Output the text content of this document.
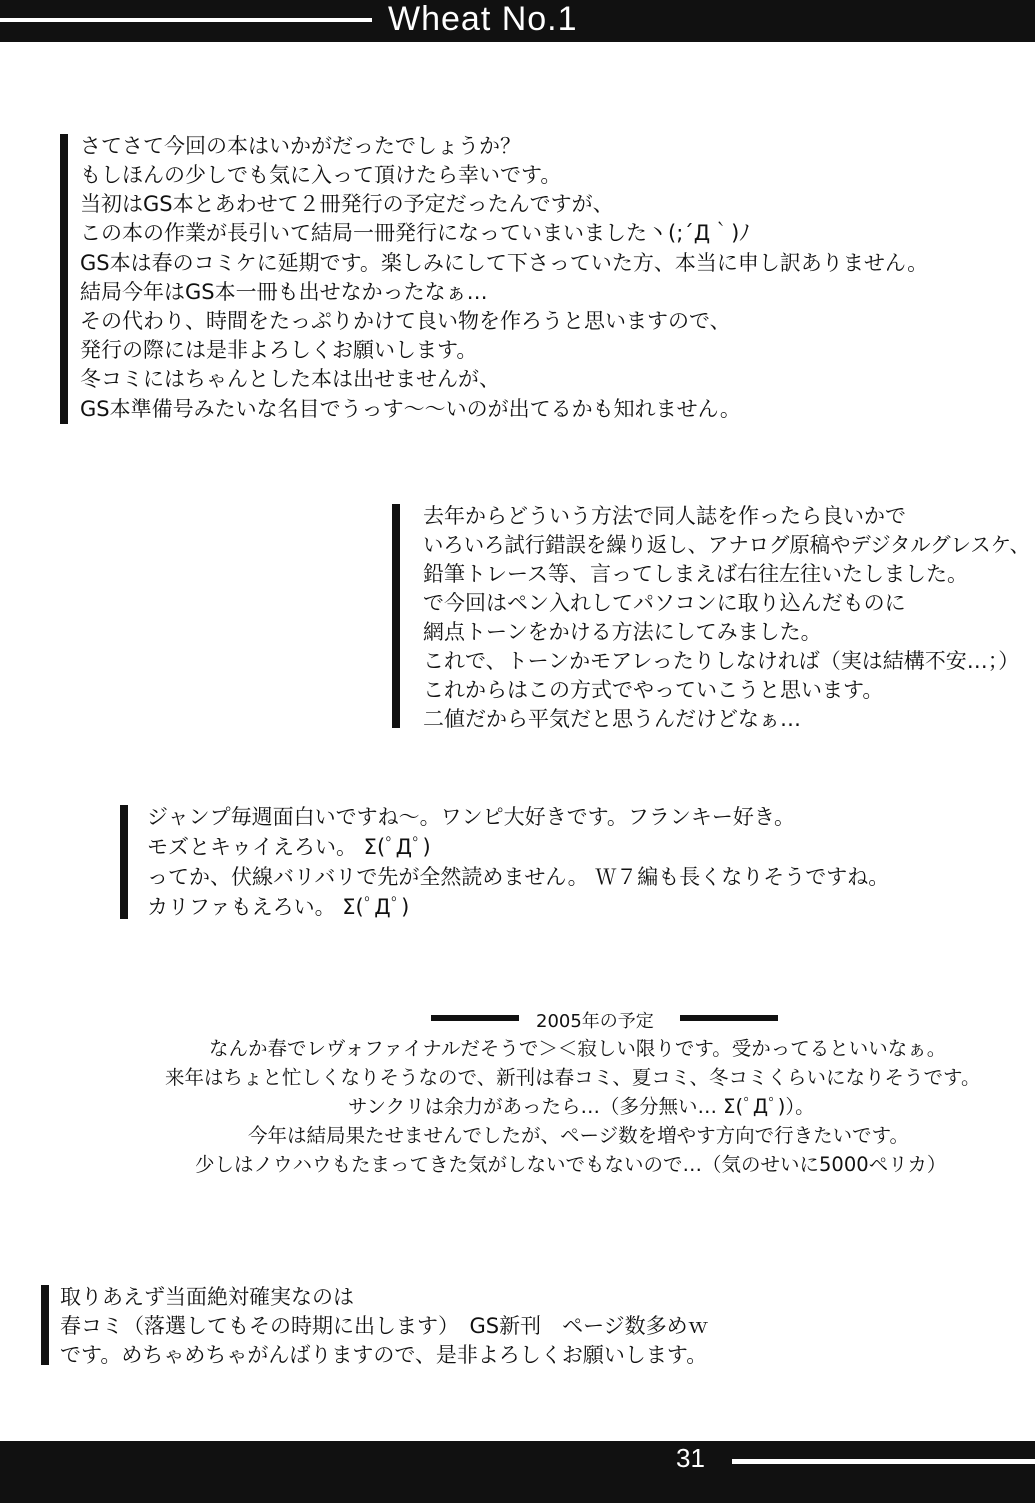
Wheat No.1
さてさて今回の本はいかがだったでしょうか？
もしほんの少しでも気に入って頂けたら幸いです。
当初はGS本とあわせて２冊発行の予定だったんですが、
この本の作業が長引いて結局一冊発行になっていまいました丶(;´Д｀)ﾉ
GS本は春のコミケに延期です。楽しみにして下さっていた方、本当に申し訳ありません。
結局今年はGS本一冊も出せなかったなぁ…
その代わり、時間をたっぷりかけて良い物を作ろうと思いますので、
発行の際には是非よろしくお願いします。
冬コミにはちゃんとした本は出せませんが、
GS本準備号みたいな名目でうっす〜〜いのが出てるかも知れません。
去年からどういう方法で同人誌を作ったら良いかで
いろいろ試行錯誤を繰り返し、アナログ原稿やデジタルグレスケ、
鉛筆トレース等、言ってしまえば右往左往いたしました。
で今回はペン入れしてパソコンに取り込んだものに
網点トーンをかける方法にしてみました。
これで、トーンかモアレったりしなければ（実は結構不安…；）
これからはこの方式でやっていこうと思います。
二値だから平気だと思うんだけどなぁ…
ジャンプ毎週面白いですね〜。ワンピ大好きです。フランキー好き。
モズとキゥイえろい。 Σ(ﾟДﾟ)
ってか、伏線バリバリで先が全然読めません。 Ｗ７編も長くなりそうですね。
カリファもえろい。 Σ(ﾟДﾟ)
2005年の予定
なんか春でレヴォファイナルだそうで＞＜寂しい限りです。受かってるといいなぁ。
来年はちょと忙しくなりそうなので、新刊は春コミ、夏コミ、冬コミくらいになりそうです。
サンクリは余力があったら…（多分無い… Σ(ﾟДﾟ)）。
今年は結局果たせませんでしたが、ページ数を増やす方向で行きたいです。
少しはノウハウもたまってきた気がしないでもないので…（気のせいに5000ペリカ）
取りあえず当面絶対確実なのは
春コミ（落選してもその時期に出します）　GS新刊　ページ数多めｗ
です。めちゃめちゃがんばりますので、是非よろしくお願いします。
31
